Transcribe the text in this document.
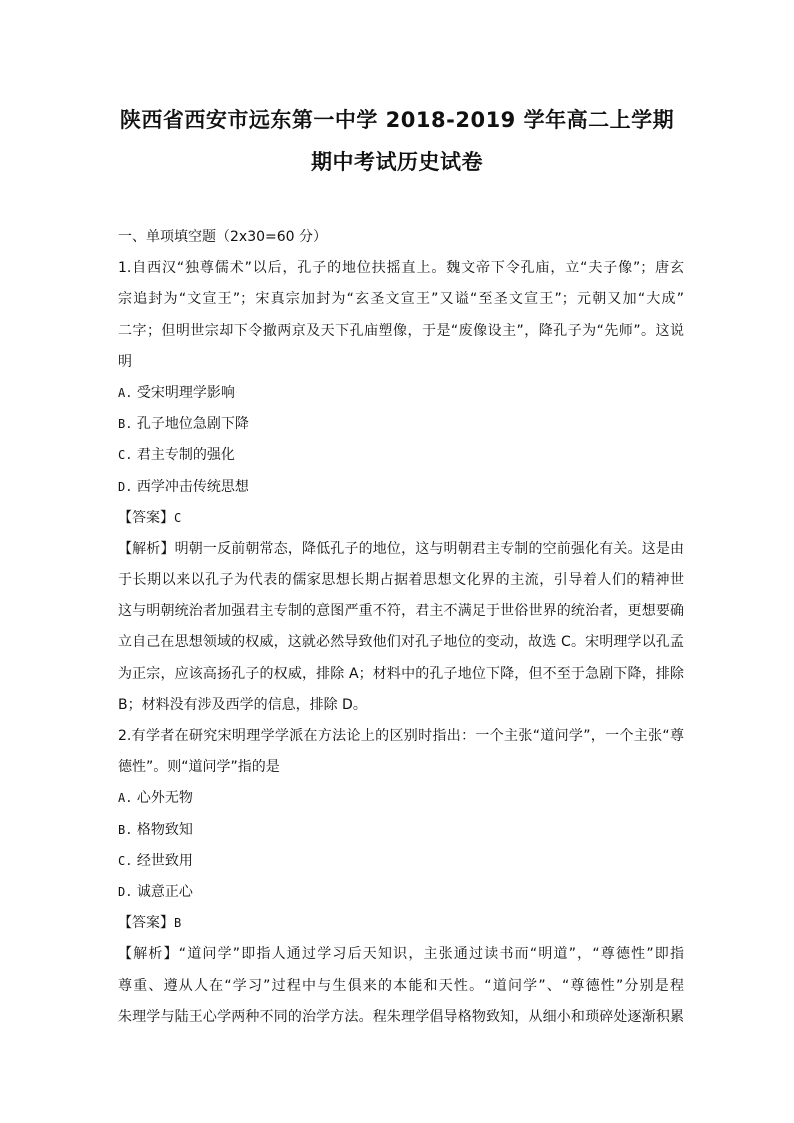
陕西省西安市远东第一中学 2018-2019 学年高二上学期
期中考试历史试卷
一、单项填空题（2x30=60 分）
1.自西汉“独尊儒术”以后，孔子的地位扶摇直上。魏文帝下令孔庙，立“夫子像”；唐玄
宗追封为“文宣王”；宋真宗加封为“玄圣文宣王”又谥“至圣文宣王”；元朝又加“大成”
二字；但明世宗却下令撤两京及天下孔庙塑像，于是“废像设主”，降孔子为“先师”。这说
明
A. 受宋明理学影响
B. 孔子地位急剧下降
C. 君主专制的强化
D. 西学冲击传统思想
【答案】C
【解析】明朝一反前朝常态，降低孔子的地位，这与明朝君主专制的空前强化有关。这是由
于长期以来以孔子为代表的儒家思想长期占据着思想文化界的主流，引导着人们的精神世
这与明朝统治者加强君主专制的意图严重不符，君主不满足于世俗世界的统治者，更想要确
立自己在思想领域的权威，这就必然导致他们对孔子地位的变动，故选 C。宋明理学以孔孟
为正宗，应该高扬孔子的权威，排除 A；材料中的孔子地位下降，但不至于急剧下降，排除
B；材料没有涉及西学的信息，排除 D。
2.有学者在研究宋明理学学派在方法论上的区别时指出：一个主张“道问学”，一个主张“尊
德性”。则“道问学”指的是
A. 心外无物
B. 格物致知
C. 经世致用
D. 诚意正心
【答案】B
【解析】“道问学”即指人通过学习后天知识，主张通过读书而“明道”，“尊德性”即指
尊重、遵从人在“学习”过程中与生俱来的本能和天性。“道问学”、“尊德性”分别是程
朱理学与陆王心学两种不同的治学方法。程朱理学倡导格物致知，从细小和琐碎处逐渐积累
